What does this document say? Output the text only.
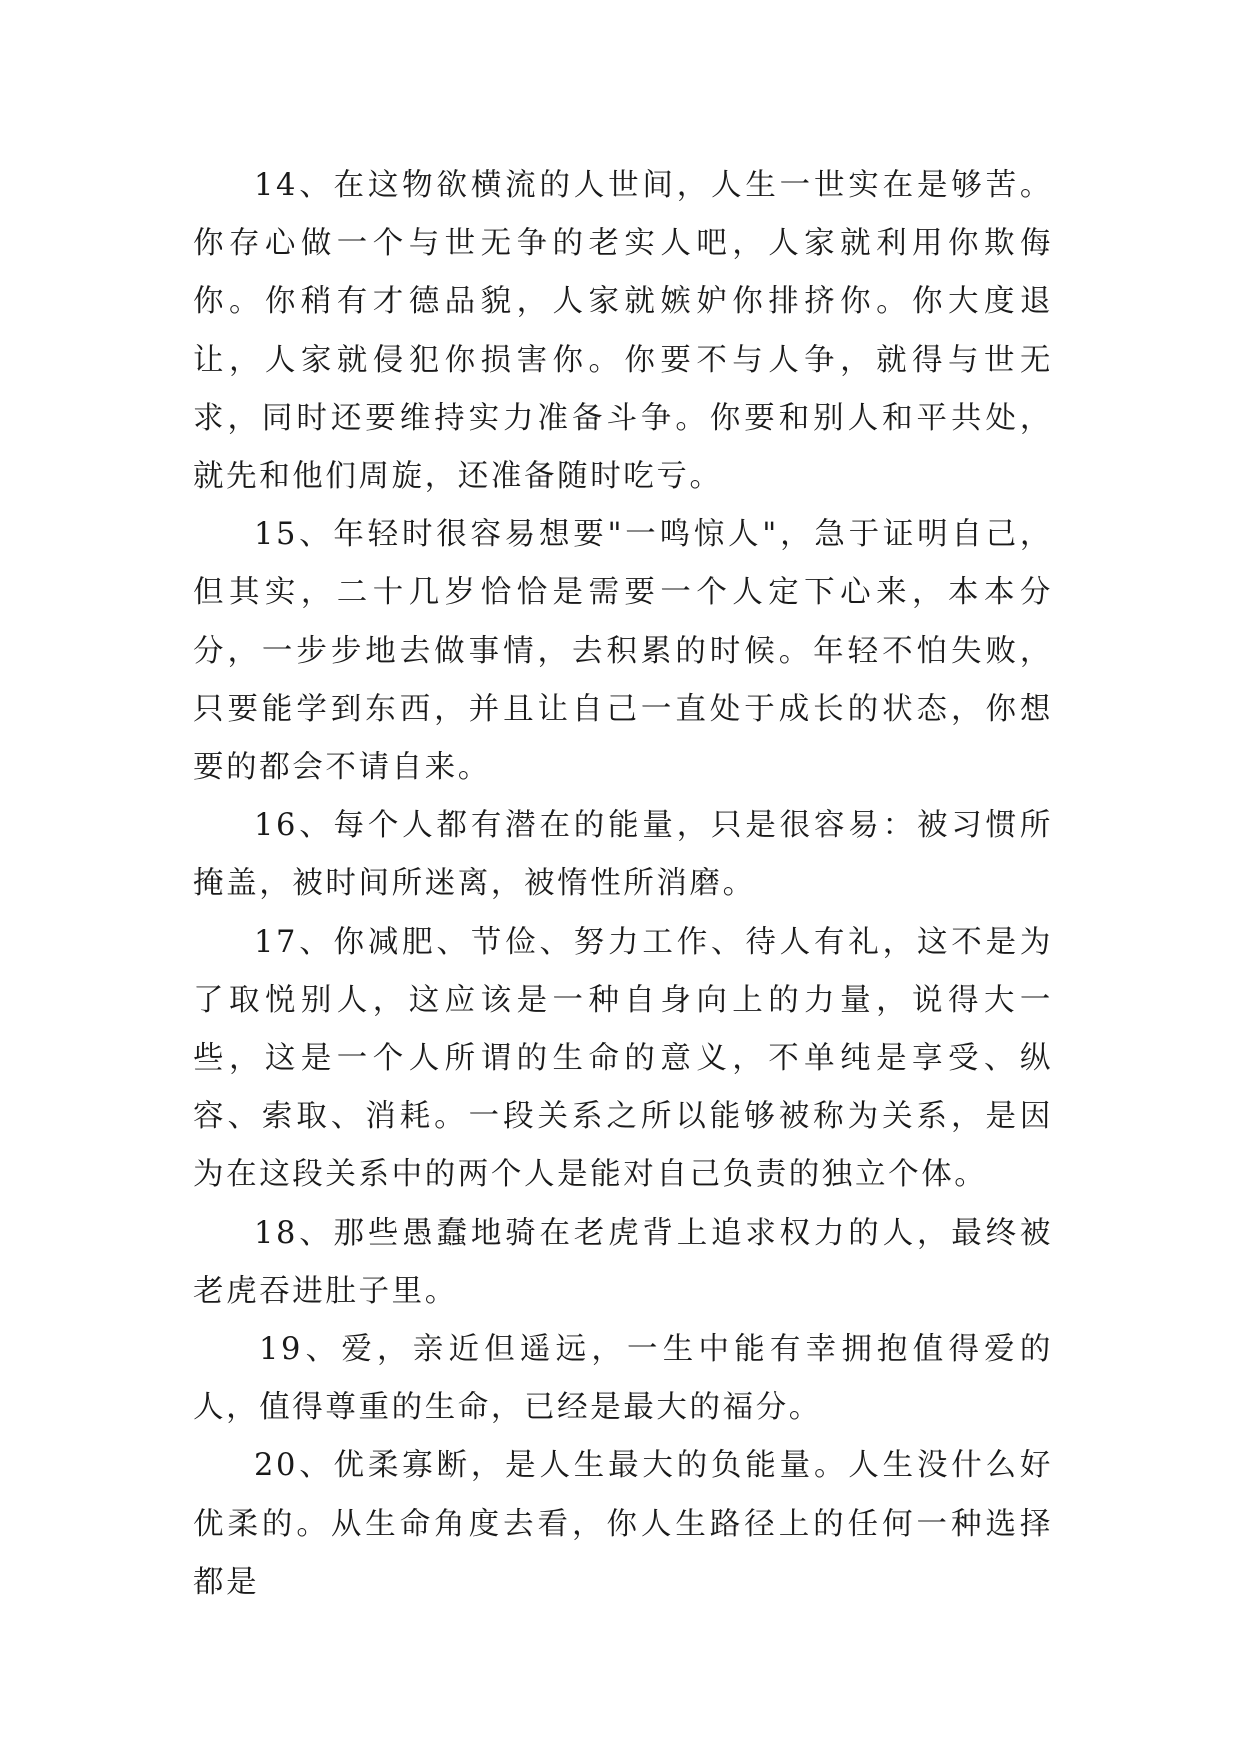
14、在这物欲横流的人世间，人生一世实在是够苦。你存心做一个与世无争的老实人吧，人家就利用你欺侮你。你稍有才德品貌，人家就嫉妒你排挤你。你大度退让，人家就侵犯你损害你。你要不与人争，就得与世无求，同时还要维持实力准备斗争。你要和别人和平共处，就先和他们周旋，还准备随时吃亏。

15、年轻时很容易想要"一鸣惊人"，急于证明自己，但其实，二十几岁恰恰是需要一个人定下心来，本本分分，一步步地去做事情，去积累的时候。年轻不怕失败，只要能学到东西，并且让自己一直处于成长的状态，你想要的都会不请自来。

16、每个人都有潜在的能量，只是很容易：被习惯所掩盖，被时间所迷离，被惰性所消磨。

17、你减肥、节俭、努力工作、待人有礼，这不是为了取悦别人，这应该是一种自身向上的力量，说得大一些，这是一个人所谓的生命的意义，不单纯是享受、纵容、索取、消耗。一段关系之所以能够被称为关系，是因为在这段关系中的两个人是能对自己负责的独立个体。

18、那些愚蠢地骑在老虎背上追求权力的人，最终被老虎吞进肚子里。

19、爱，亲近但遥远，一生中能有幸拥抱值得爱的人，值得尊重的生命，已经是最大的福分。

20、优柔寡断，是人生最大的负能量。人生没什么好优柔的。从生命角度去看，你人生路径上的任何一种选择都是
